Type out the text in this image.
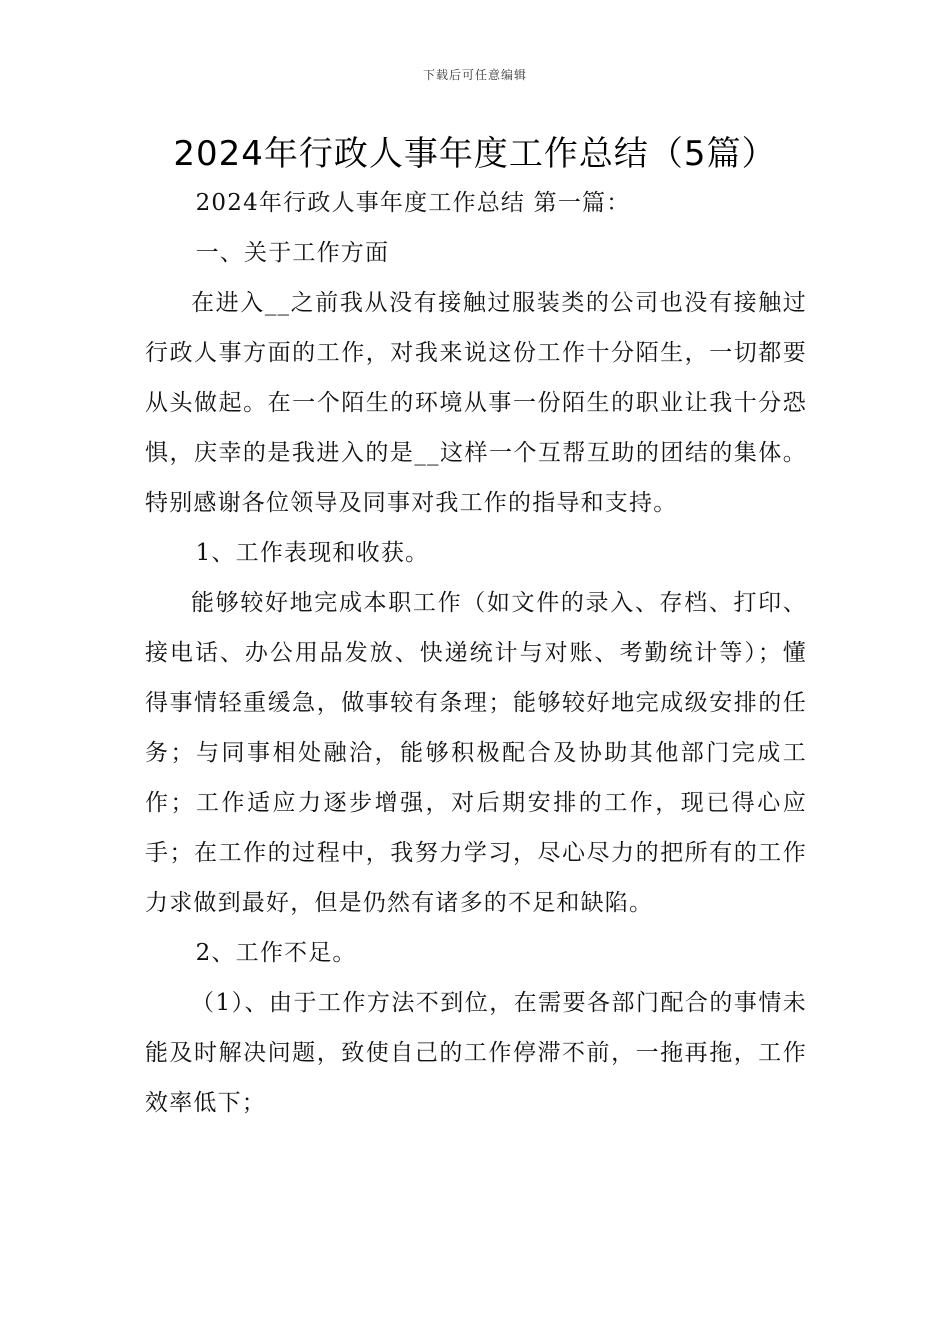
下载后可任意编辑
2024年行政人事年度工作总结（5篇）

2024年行政人事年度工作总结 第一篇：

一、关于工作方面

在进入__之前我从没有接触过服装类的公司也没有接触过行政人事方面的工作，对我来说这份工作十分陌生，一切都要从头做起。在一个陌生的环境从事一份陌生的职业让我十分恐惧，庆幸的是我进入的是__这样一个互帮互助的团结的集体。特别感谢各位领导及同事对我工作的指导和支持。

1、工作表现和收获。

能够较好地完成本职工作（如文件的录入、存档、打印、接电话、办公用品发放、快递统计与对账、考勤统计等）；懂得事情轻重缓急，做事较有条理；能够较好地完成级安排的任务；与同事相处融洽，能够积极配合及协助其他部门完成工作；工作适应力逐步增强，对后期安排的工作，现已得心应手；在工作的过程中，我努力学习，尽心尽力的把所有的工作力求做到最好，但是仍然有诸多的不足和缺陷。

2、工作不足。

（1）、由于工作方法不到位，在需要各部门配合的事情未能及时解决问题，致使自己的工作停滞不前，一拖再拖，工作效率低下；
